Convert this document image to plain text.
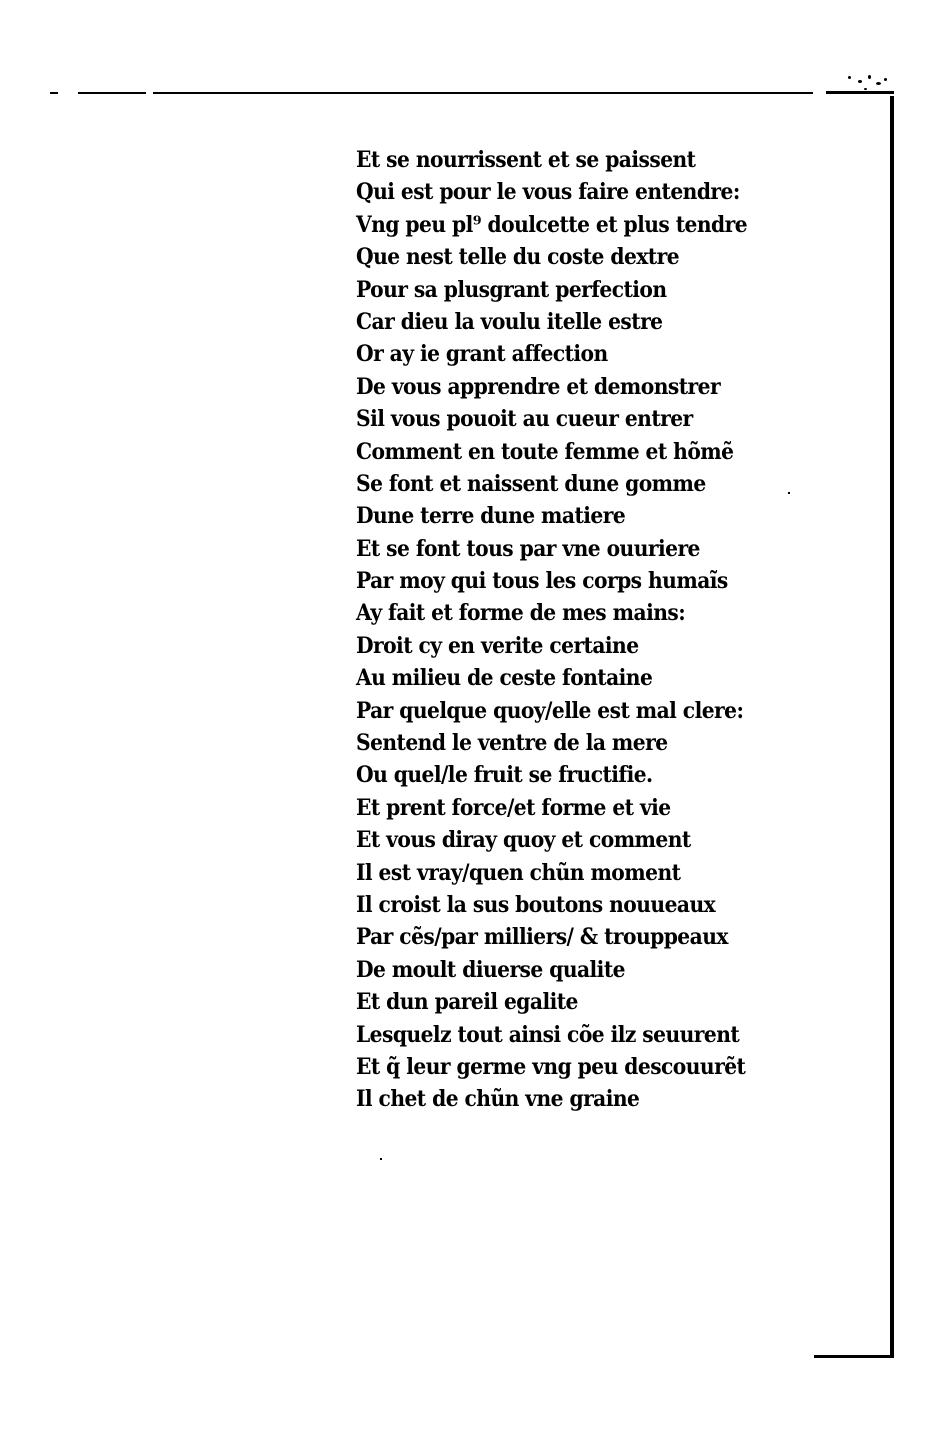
Et se nourrissent et se paissent
Qui est pour le vous faire entendre:
Vng peu pl⁹ doulcette et plus tendre
Que nest telle du coste dextre
Pour sa plusgrant perfection
Car dieu la voulu itelle estre
Or ay ie grant affection
De vous apprendre et demonstrer
Sil vous pouoit au cueur entrer
Comment en toute femme et hõmẽ
Se font et naissent dune gomme
Dune terre dune matiere
Et se font tous par vne ouuriere
Par moy qui tous les corps humaĩs
Ay fait et forme de mes mains:
Droit cy en verite certaine
Au milieu de ceste fontaine
Par quelque quoy/elle est mal clere:
Sentend le ventre de la mere
Ou quel/le fruit se fructifie.
Et prent force/et forme et vie
Et vous diray quoy et comment
Il est vray/quen chũn moment
Il croist la sus boutons nouueaux
Par cẽs/par milliers/ & trouppeaux
De moult diuerse qualite
Et dun pareil egalite
Lesquelz tout ainsi cõe ilz seuurent
Et q̃ leur germe vng peu descouurẽt
Il chet de chũn vne graine
